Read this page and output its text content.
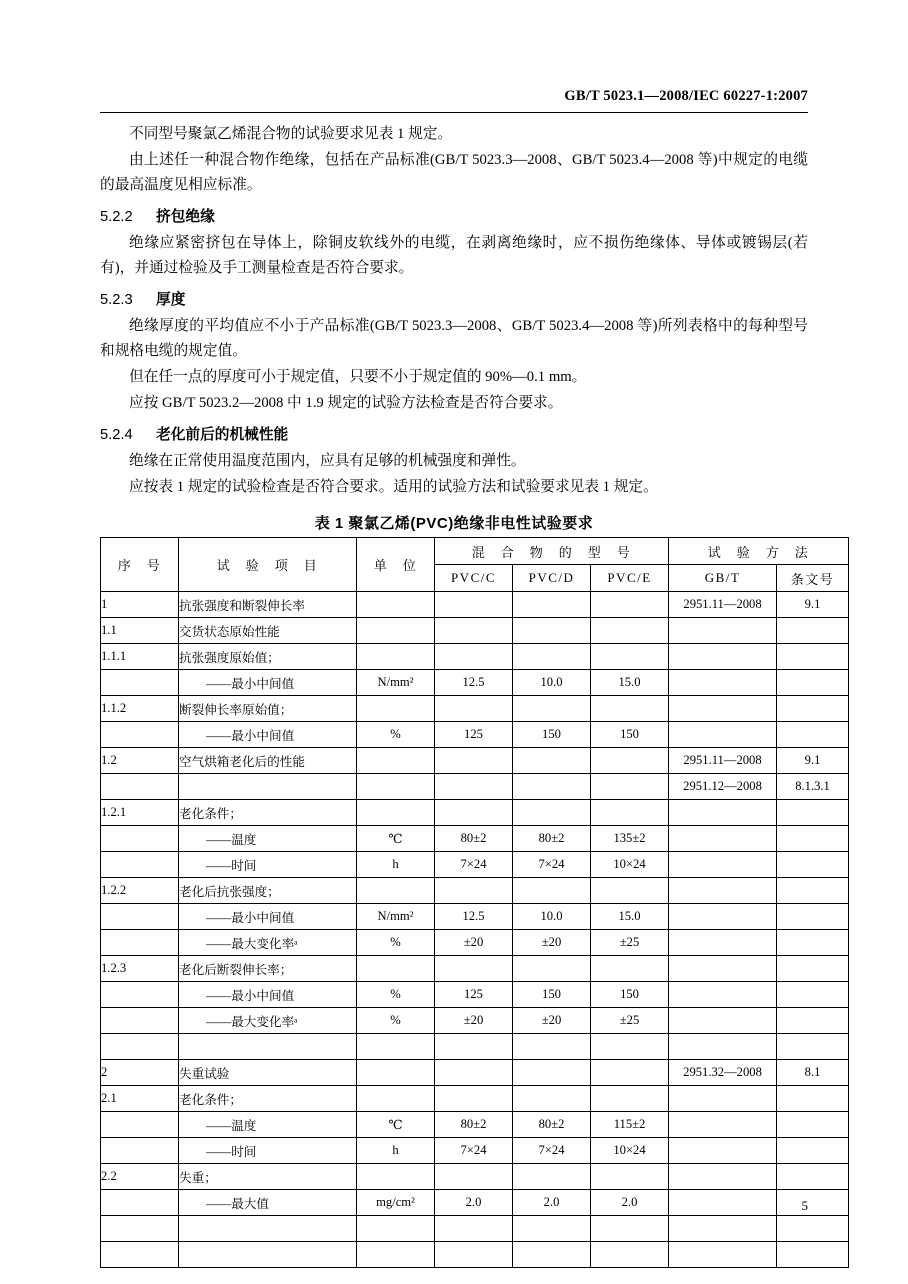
GB/T 5023.1—2008/IEC 60227-1:2007

不同型号聚氯乙烯混合物的试验要求见表 1 规定。

由上述任一种混合物作绝缘，包括在产品标准(GB/T 5023.3—2008、GB/T 5023.4—2008 等)中规定的电缆的最高温度见相应标准。

5.2.2 挤包绝缘

绝缘应紧密挤包在导体上，除铜皮软线外的电缆，在剥离绝缘时，应不损伤绝缘体、导体或镀锡层(若有)，并通过检验及手工测量检查是否符合要求。

5.2.3 厚度

绝缘厚度的平均值应不小于产品标准(GB/T 5023.3—2008、GB/T 5023.4—2008 等)所列表格中的每种型号和规格电缆的规定值。

但在任一点的厚度可小于规定值，只要不小于规定值的 90%—0.1 mm。

应按 GB/T 5023.2—2008 中 1.9 规定的试验方法检查是否符合要求。

5.2.4 老化前后的机械性能

绝缘在正常使用温度范围内，应具有足够的机械强度和弹性。

应按表 1 规定的试验检查是否符合要求。适用的试验方法和试验要求见表 1 规定。

表 1 聚氯乙烯(PVC)绝缘非电性试验要求
序　号	试　验　项　目	单　位	混　合　物　的　型　号			试　验　方　法	
			PVC/C	PVC/D	PVC/E	GB/T	条文号
1	抗张强度和断裂伸长率					2951.11—2008	9.1
1.1	交货状态原始性能						
1.1.1	抗张强度原始值；						
	——最小中间值	N/mm²	12.5	10.0	15.0		
1.1.2	断裂伸长率原始值；						
	——最小中间值	%	125	150	150		
1.2	空气烘箱老化后的性能					2951.11—2008	9.1
						2951.12—2008	8.1.3.1
1.2.1	老化条件；						
	——温度	℃	80±2	80±2	135±2		
	——时间	h	7×24	7×24	10×24		
1.2.2	老化后抗张强度；						
	——最小中间值	N/mm²	12.5	10.0	15.0		
	——最大变化率ᵃ	%	±20	±20	±25		
1.2.3	老化后断裂伸长率；						
	——最小中间值	%	125	150	150		
	——最大变化率ᵃ	%	±20	±20	±25		

2	失重试验					2951.32—2008	8.1
2.1	老化条件；						
	——温度	℃	80±2	80±2	115±2		
	——时间	h	7×24	7×24	10×24		
2.2	失重；						
	——最大值	mg/cm²	2.0	2.0	2.0		

								5
